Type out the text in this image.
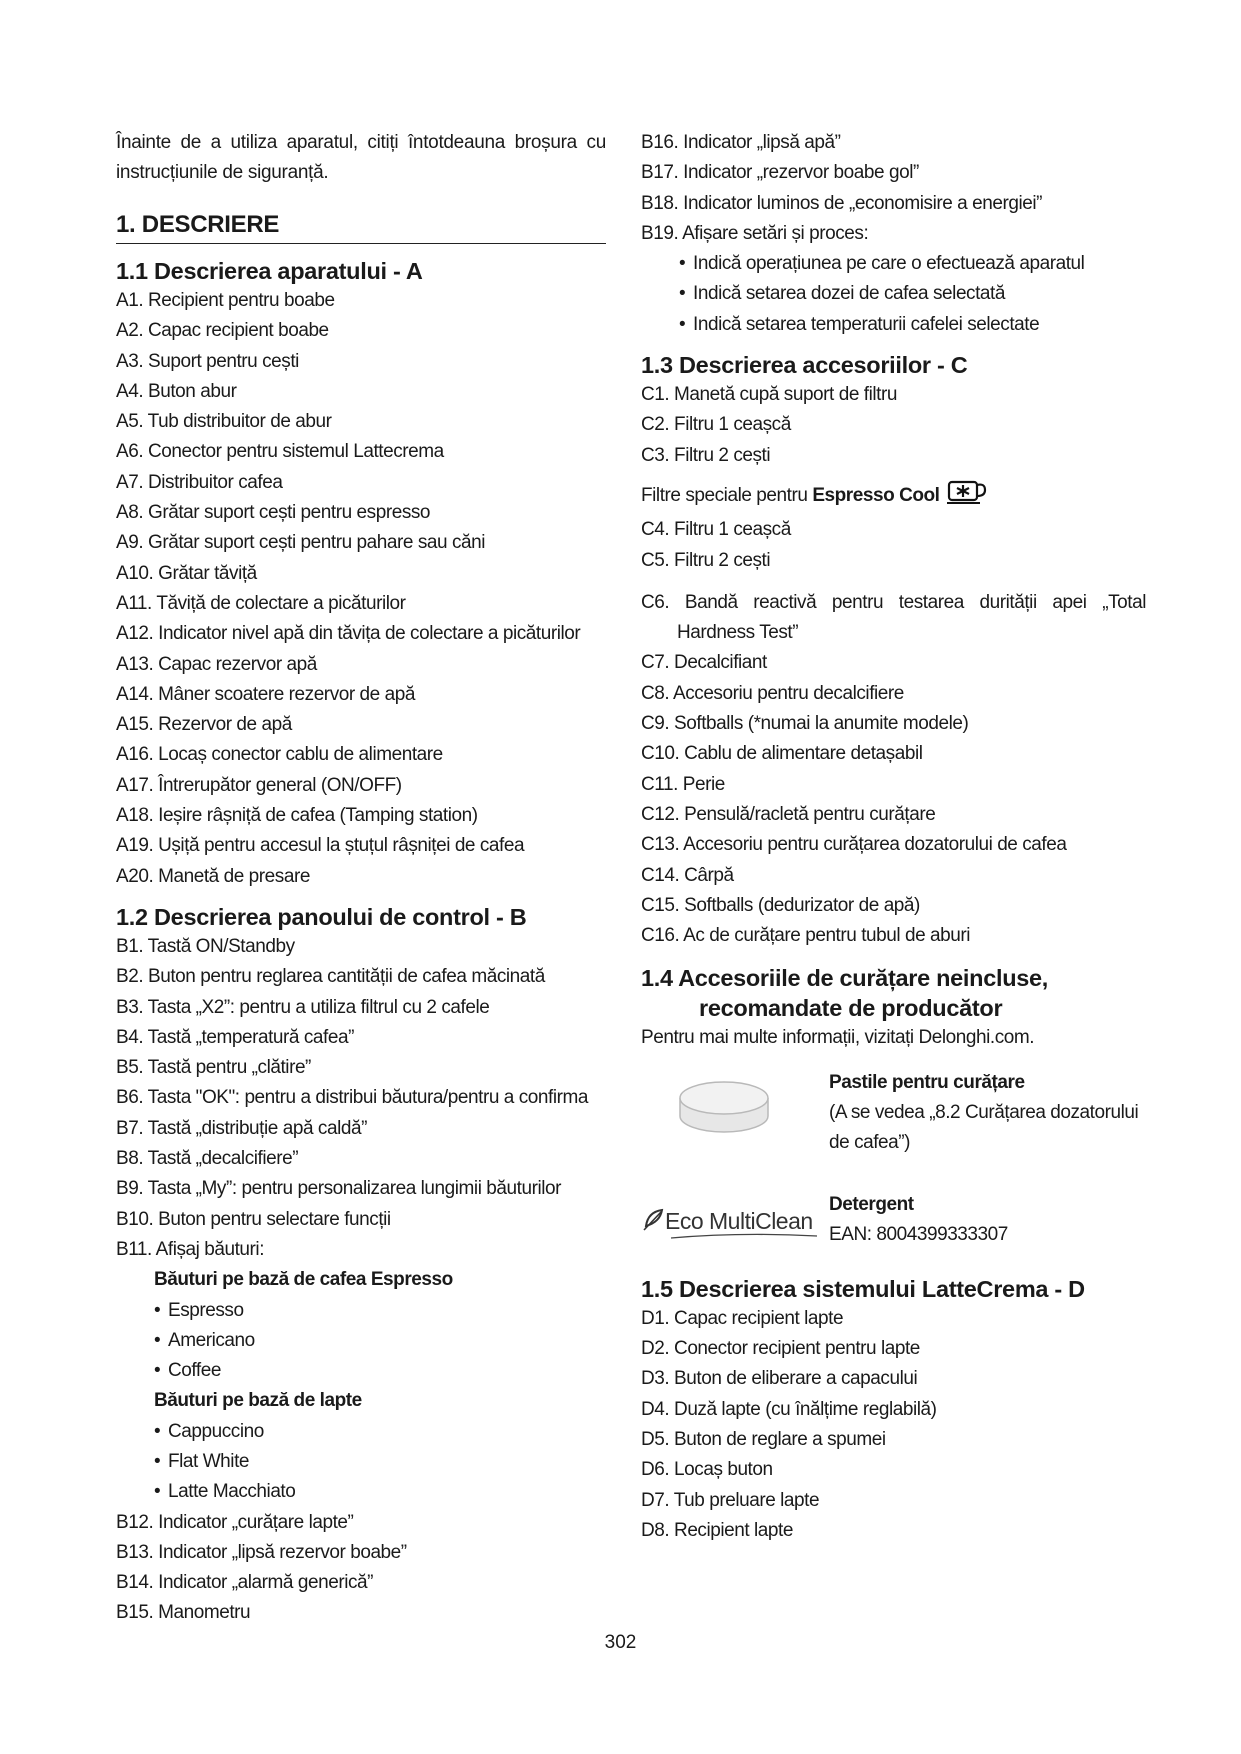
Înainte de a utiliza aparatul, citiți întotdeauna broșura cu instrucțiunile de siguranță.
1. DESCRIERE
1.1 Descrierea aparatului - A
A1. Recipient pentru boabe
A2. Capac recipient boabe
A3. Suport pentru cești
A4. Buton abur
A5. Tub distribuitor de abur
A6. Conector pentru sistemul Lattecrema
A7. Distribuitor cafea
A8. Grătar suport cești pentru espresso
A9. Grătar suport cești pentru pahare sau căni
A10. Grătar tăviță
A11. Tăviță de colectare a picăturilor
A12. Indicator nivel apă din tăvița de colectare a picăturilor
A13. Capac rezervor apă
A14. Mâner scoatere rezervor de apă
A15. Rezervor de apă
A16. Locaș conector cablu de alimentare
A17. Întrerupător general (ON/OFF)
A18. Ieșire râșniță de cafea (Tamping station)
A19. Ușiță pentru accesul la ștuțul râșniței de cafea
A20. Manetă de presare
1.2 Descrierea panoului de control - B
B1. Tastă ON/Standby
B2. Buton pentru reglarea cantității de cafea măcinată
B3. Tasta „X2”: pentru a utiliza filtrul cu 2 cafele
B4. Tastă „temperatură cafea”
B5. Tastă pentru „clătire”
B6. Tasta "OK": pentru a distribui băutura/pentru a confirma
B7. Tastă „distribuție apă caldă”
B8. Tastă „decalcifiere”
B9. Tasta „My”: pentru personalizarea lungimii băuturilor
B10. Buton pentru selectare funcții
B11. Afișaj băuturi:
Băuturi pe bază de cafea Espresso
• Espresso
• Americano
• Coffee
Băuturi pe bază de lapte
• Cappuccino
• Flat White
• Latte Macchiato
B12. Indicator „curățare lapte”
B13. Indicator „lipsă rezervor boabe”
B14. Indicator „alarmă generică”
B15. Manometru
B16. Indicator „lipsă apă”
B17. Indicator „rezervor boabe gol”
B18. Indicator luminos de „economisire a energiei”
B19. Afișare setări și proces:
• Indică operațiunea pe care o efectuează aparatul
• Indică setarea dozei de cafea selectată
• Indică setarea temperaturii cafelei selectate
1.3 Descrierea accesoriilor - C
C1. Manetă cupă suport de filtru
C2. Filtru 1 ceașcă
C3. Filtru 2 cești
Filtre speciale pentru Espresso Cool
C4. Filtru 1 ceașcă
C5. Filtru 2 cești
C6. Bandă reactivă pentru testarea durității apei „Total Hardness Test”
C7. Decalcifiant
C8. Accesoriu pentru decalcifiere
C9. Softballs (*numai la anumite modele)
C10. Cablu de alimentare detașabil
C11. Perie
C12. Pensulă/racletă pentru curățare
C13. Accesoriu pentru curățarea dozatorului de cafea
C14. Cârpă
C15. Softballs (dedurizator de apă)
C16. Ac de curățare pentru tubul de aburi
1.4 Accesoriile de curățare neincluse,
recomandate de producător
Pentru mai multe informații, vizitați Delonghi.com.
Pastile pentru curățare
(A se vedea „8.2 Curățarea dozatorului de cafea”)
Eco MultiClean
Detergent
EAN: 8004399333307
1.5 Descrierea sistemului LatteCrema - D
D1. Capac recipient lapte
D2. Conector recipient pentru lapte
D3. Buton de eliberare a capacului
D4. Duză lapte (cu înălțime reglabilă)
D5. Buton de reglare a spumei
D6. Locaș buton
D7. Tub preluare lapte
D8. Recipient lapte
302
